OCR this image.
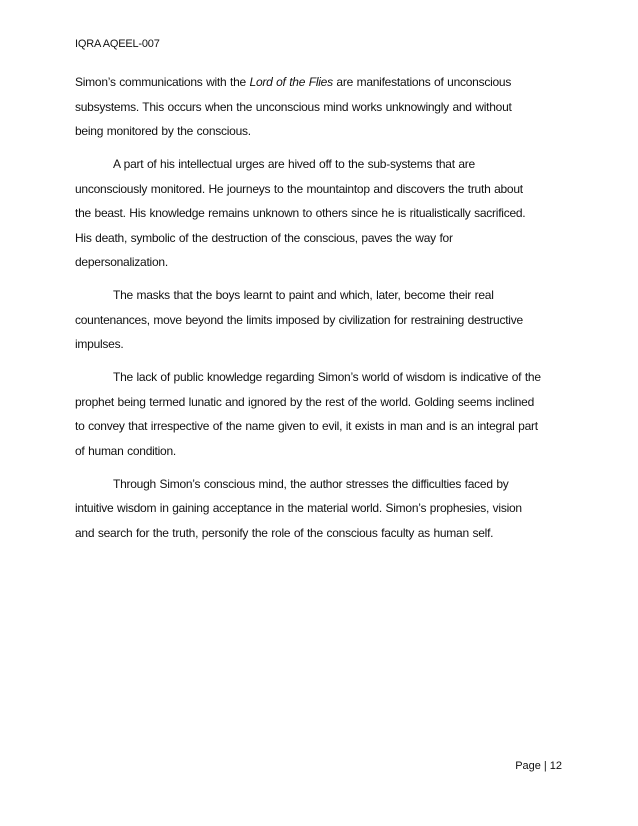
IQRA AQEEL-007
Simon’s communications with the Lord of the Flies are manifestations of unconscious
subsystems. This occurs when the unconscious mind works unknowingly and without
being monitored by the conscious.
A part of his intellectual urges are hived off to the sub-systems that are
unconsciously monitored. He journeys to the mountaintop and discovers the truth about
the beast. His knowledge remains unknown to others since he is ritualistically sacrificed.
His death, symbolic of the destruction of the conscious, paves the way for
depersonalization.
The masks that the boys learnt to paint and which, later, become their real
countenances, move beyond the limits imposed by civilization for restraining destructive
impulses.
The lack of public knowledge regarding Simon’s world of wisdom is indicative of the
prophet being termed lunatic and ignored by the rest of the world. Golding seems inclined
to convey that irrespective of the name given to evil, it exists in man and is an integral part
of human condition.
Through Simon’s conscious mind, the author stresses the difficulties faced by
intuitive wisdom in gaining acceptance in the material world. Simon’s prophesies, vision
and search for the truth, personify the role of the conscious faculty as human self.
Page | 12
